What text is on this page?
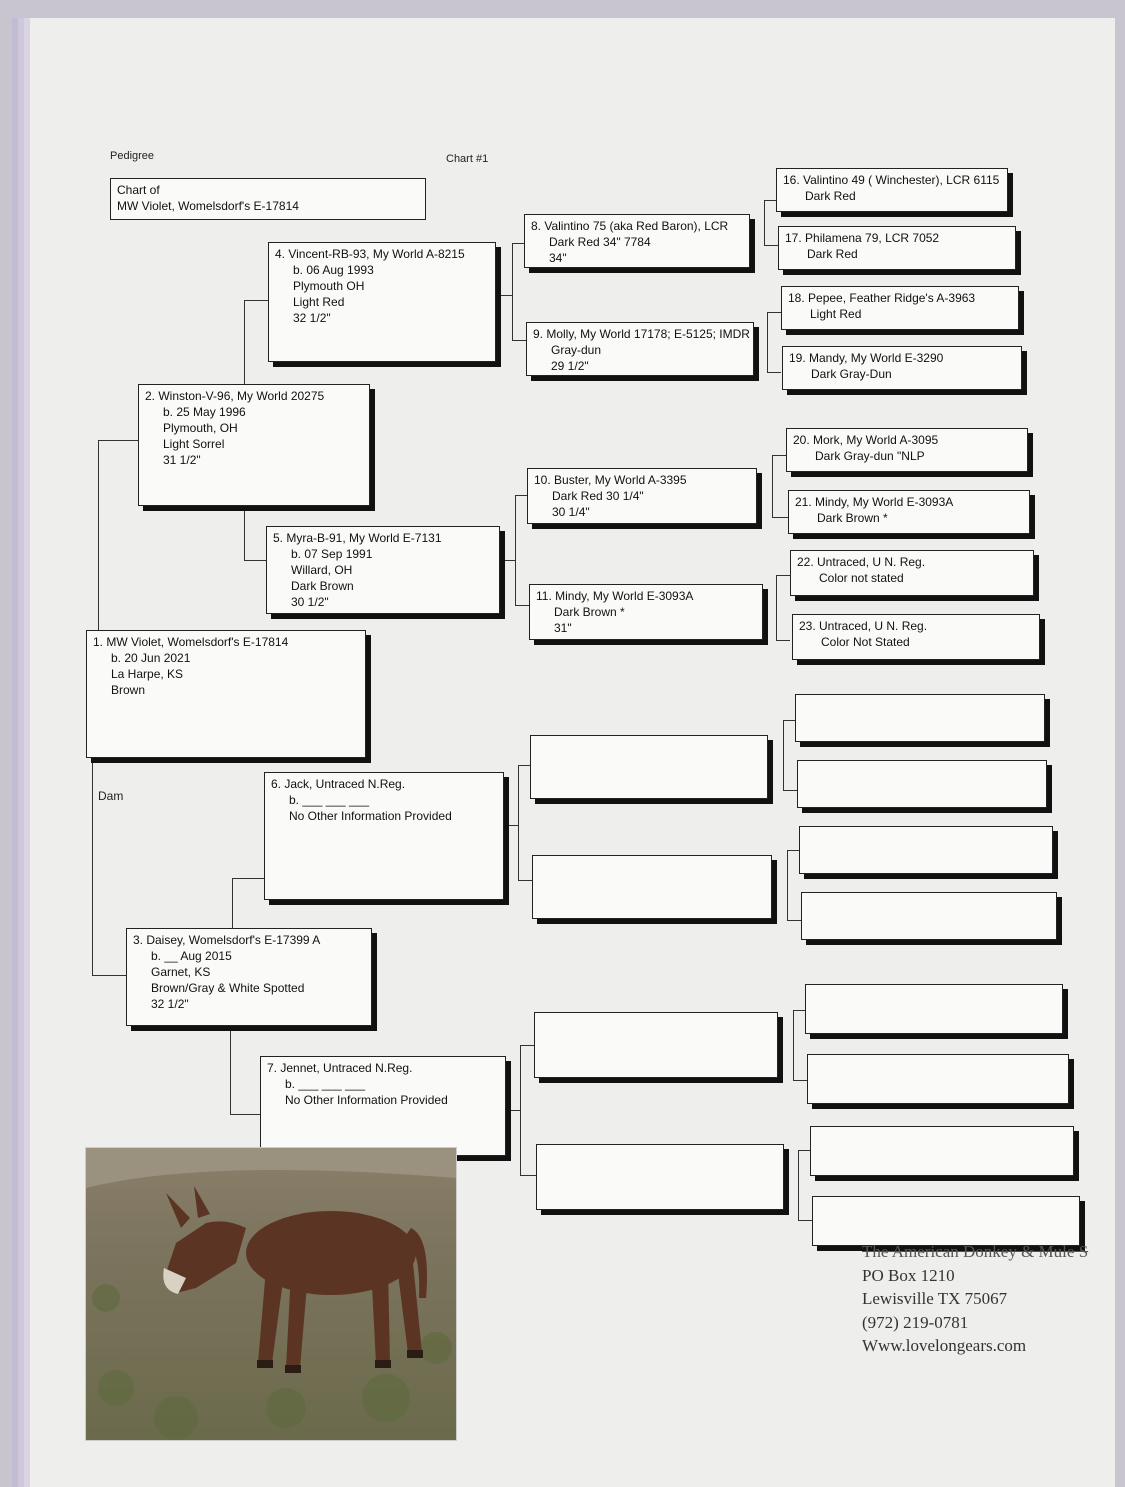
Pedigree	Chart #1
Chart of
MW Violet, Womelsdorf's E-17814
1. MW Violet, Womelsdorf's E-17814
b. 20 Jun 2021
La Harpe, KS
Brown
Dam
2. Winston-V-96, My World 20275
b. 25 May 1996
Plymouth, OH
Light Sorrel
31 1/2"
3. Daisey, Womelsdorf's E-17399 A
b. __ Aug 2015
Garnet, KS
Brown/Gray & White Spotted
32 1/2"
4. Vincent-RB-93, My World A-8215
b. 06 Aug 1993
Plymouth OH
Light Red
32 1/2"
5. Myra-B-91, My World E-7131
b. 07 Sep 1991
Willard, OH
Dark Brown
30 1/2"
6. Jack, Untraced N.Reg.
b. ___ ___ ___
No Other Information Provided
7. Jennet, Untraced N.Reg.
b. ___ ___ ___
No Other Information Provided
8. Valintino 75 (aka Red Baron), LCR
Dark Red 34" 7784
34"
9. Molly, My World 17178; E-5125; IMDR
Gray-dun
29 1/2"
10. Buster, My World A-3395
Dark Red 30 1/4"
30 1/4"
11. Mindy, My World E-3093A
Dark Brown *
31"
16. Valintino 49 ( Winchester), LCR 6115
Dark Red
17. Philamena 79, LCR 7052
Dark Red
18. Pepee, Feather Ridge's A-3963
Light Red
19. Mandy, My World E-3290
Dark Gray-Dun
20. Mork, My World A-3095
Dark Gray-dun "NLP
21. Mindy, My World E-3093A
Dark Brown *
22. Untraced, U N. Reg.
Color not stated
23. Untraced, U N. Reg.
Color Not Stated
The American Donkey & Mule S
PO Box 1210
Lewisville TX 75067
(972) 219-0781
Www.lovelongears.com
